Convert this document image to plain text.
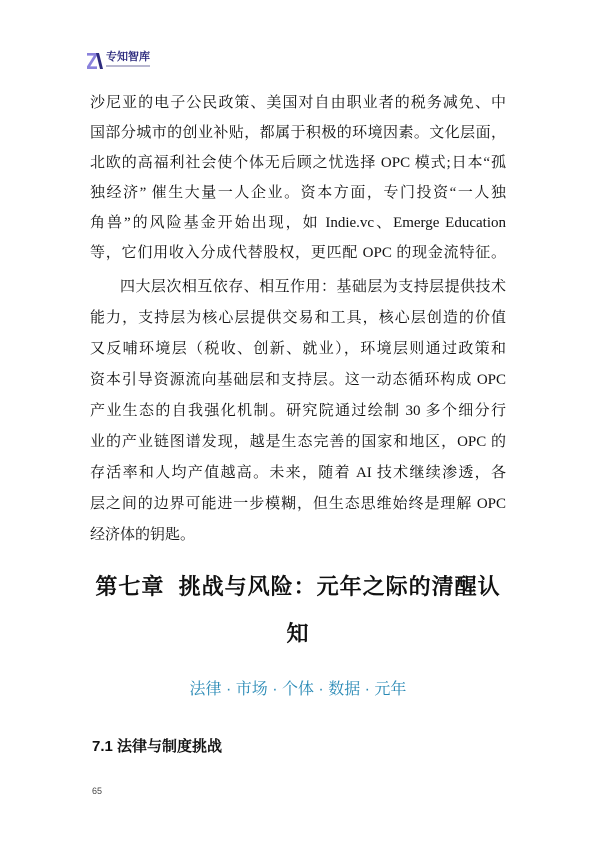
专知智库
沙尼亚的电子公民政策、美国对自由职业者的税务减免、中
国部分城市的创业补贴，都属于积极的环境因素。文化层面，
北欧的高福利社会使个体无后顾之忧选择 OPC 模式;日本“孤
独经济” 催生大量一人企业。资本方面，专门投资“一人独
角兽”的风险基金开始出现，如 Indie.vc、Emerge Education
等，它们用收入分成代替股权，更匹配 OPC 的现金流特征。
四大层次相互依存、相互作用：基础层为支持层提供技术
能力，支持层为核心层提供交易和工具，核心层创造的价值
又反哺环境层（税收、创新、就业），环境层则通过政策和
资本引导资源流向基础层和支持层。这一动态循环构成 OPC
产业生态的自我强化机制。研究院通过绘制 30 多个细分行
业的产业链图谱发现，越是生态完善的国家和地区，OPC 的
存活率和人均产值越高。未来，随着 AI 技术继续渗透，各
层之间的边界可能进一步模糊，但生态思维始终是理解 OPC
经济体的钥匙。
第七章  挑战与风险：元年之际的清醒认知
法律 · 市场 · 个体 · 数据 · 元年
7.1 法律与制度挑战
65
